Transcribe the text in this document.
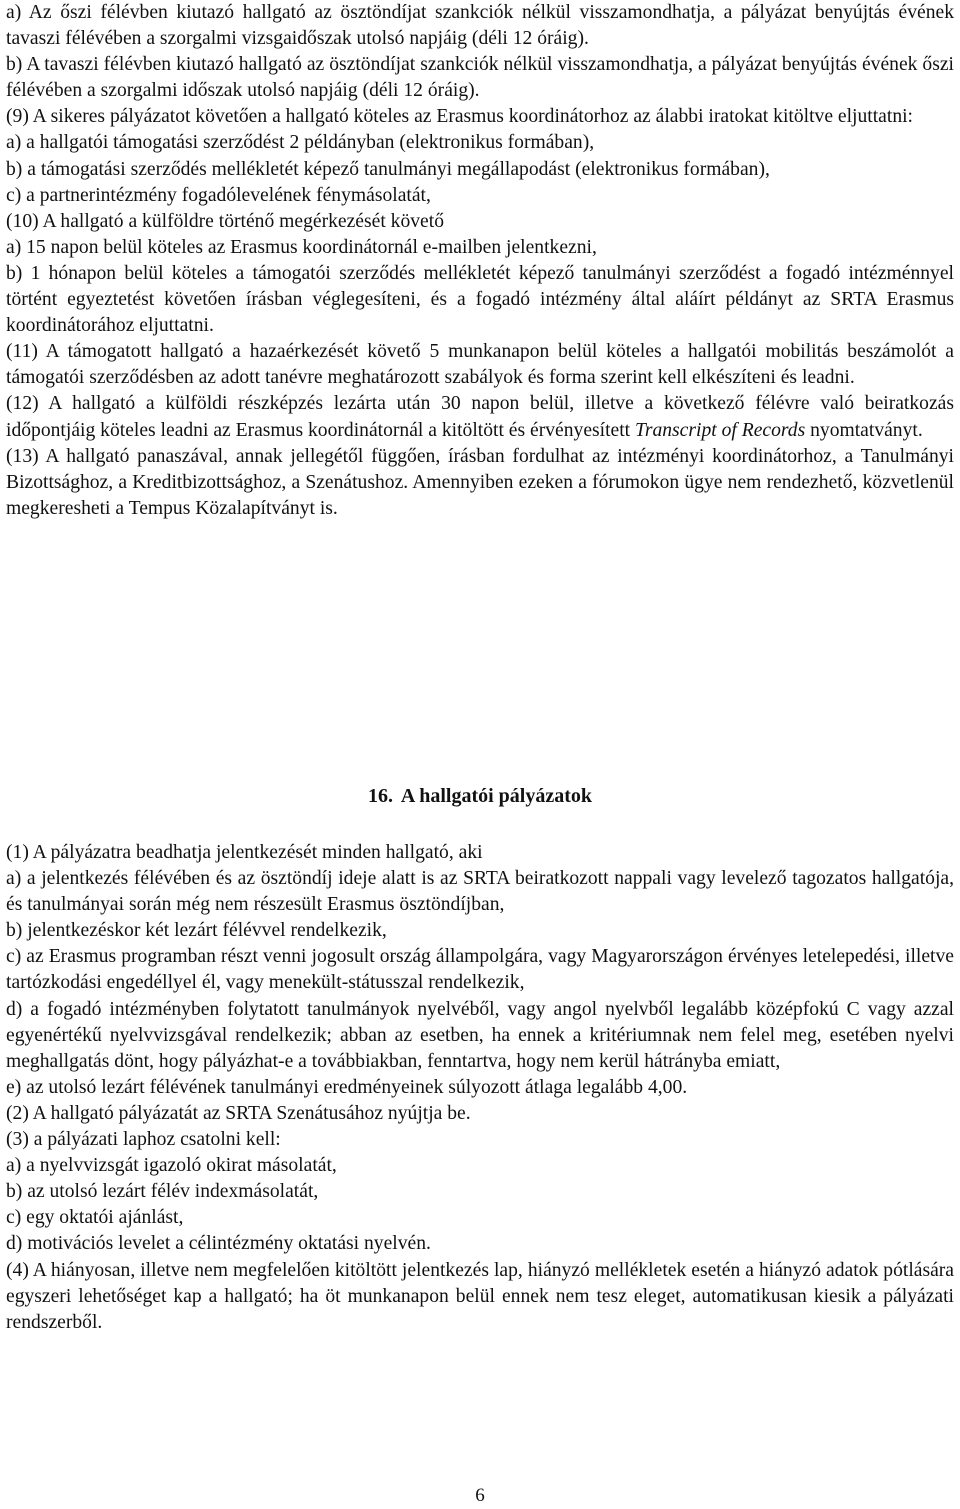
a) Az őszi félévben kiutazó hallgató az ösztöndíjat szankciók nélkül visszamondhatja, a pályázat benyújtás évének tavaszi félévében a szorgalmi vizsgaidőszak utolsó napjáig (déli 12 óráig).

b) A tavaszi félévben kiutazó hallgató az ösztöndíjat szankciók nélkül visszamondhatja, a pályázat benyújtás évének őszi félévében a szorgalmi időszak utolsó napjáig (déli 12 óráig).

(9) A sikeres pályázatot követően a hallgató köteles az Erasmus koordinátorhoz az álabbi iratokat kitöltve eljuttatni:

a) a hallgatói támogatási szerződést 2 példányban (elektronikus formában),

b) a támogatási szerződés mellékletét képező tanulmányi megállapodást (elektronikus formában),

c) a partnerintézmény fogadólevelének fénymásolatát,

(10) A hallgató a külföldre történő megérkezését követő

a) 15 napon belül köteles az Erasmus koordinátornál e-mailben jelentkezni,

b) 1 hónapon belül köteles a támogatói szerződés mellékletét képező tanulmányi szerződést a fogadó intézménnyel történt egyeztetést követően írásban véglegesíteni, és a fogadó intézmény által aláírt példányt az SRTA Erasmus koordinátorához eljuttatni.

(11) A támogatott hallgató a hazaérkezését követő 5 munkanapon belül köteles a hallgatói mobilitás beszámolót a támogatói szerződésben az adott tanévre meghatározott szabályok és forma szerint kell elkészíteni és leadni.

(12) A hallgató a külföldi részképzés lezárta után 30 napon belül, illetve a következő félévre való beiratkozás időpontjáig köteles leadni az Erasmus koordinátornál a kitöltött és érvényesített Transcript of Records nyomtatványt.

(13) A hallgató panaszával, annak jellegétől függően, írásban fordulhat az intézményi koordinátorhoz, a Tanulmányi Bizottsághoz, a Kreditbizottsághoz, a Szenátushoz. Amennyiben ezeken a fórumokon ügye nem rendezhető, közvetlenül megkeresheti a Tempus Közalapítványt is.

16. A hallgatói pályázatok

(1) A pályázatra beadhatja jelentkezését minden hallgató, aki

a) a jelentkezés félévében és az ösztöndíj ideje alatt is az SRTA beiratkozott nappali vagy levelező tagozatos hallgatója, és tanulmányai során még nem részesült Erasmus ösztöndíjban,

b) jelentkezéskor két lezárt félévvel rendelkezik,

c) az Erasmus programban részt venni jogosult ország állampolgára, vagy Magyarországon érvényes letelepedési, illetve tartózkodási engedéllyel él, vagy menekült-státusszal rendelkezik,

d) a fogadó intézményben folytatott tanulmányok nyelvéből, vagy angol nyelvből legalább középfokú C vagy azzal egyenértékű nyelvvizsgával rendelkezik; abban az esetben, ha ennek a kritériumnak nem felel meg, esetében nyelvi meghallgatás dönt, hogy pályázhat-e a továbbiakban, fenntartva, hogy nem kerül hátrányba emiatt,

e) az utolsó lezárt félévének tanulmányi eredményeinek súlyozott átlaga legalább 4,00.

(2) A hallgató pályázatát az SRTA Szenátusához nyújtja be.

(3) a pályázati laphoz csatolni kell:

a) a nyelvvizsgát igazoló okirat másolatát,

b) az utolsó lezárt félév indexmásolatát,

c) egy oktatói ajánlást,

d) motivációs levelet a célintézmény oktatási nyelvén.

(4) A hiányosan, illetve nem megfelelően kitöltött jelentkezés lap, hiányzó mellékletek esetén a hiányzó adatok pótlására egyszeri lehetőséget kap a hallgató; ha öt munkanapon belül ennek nem tesz eleget, automatikusan kiesik a pályázati rendszerből.

6
